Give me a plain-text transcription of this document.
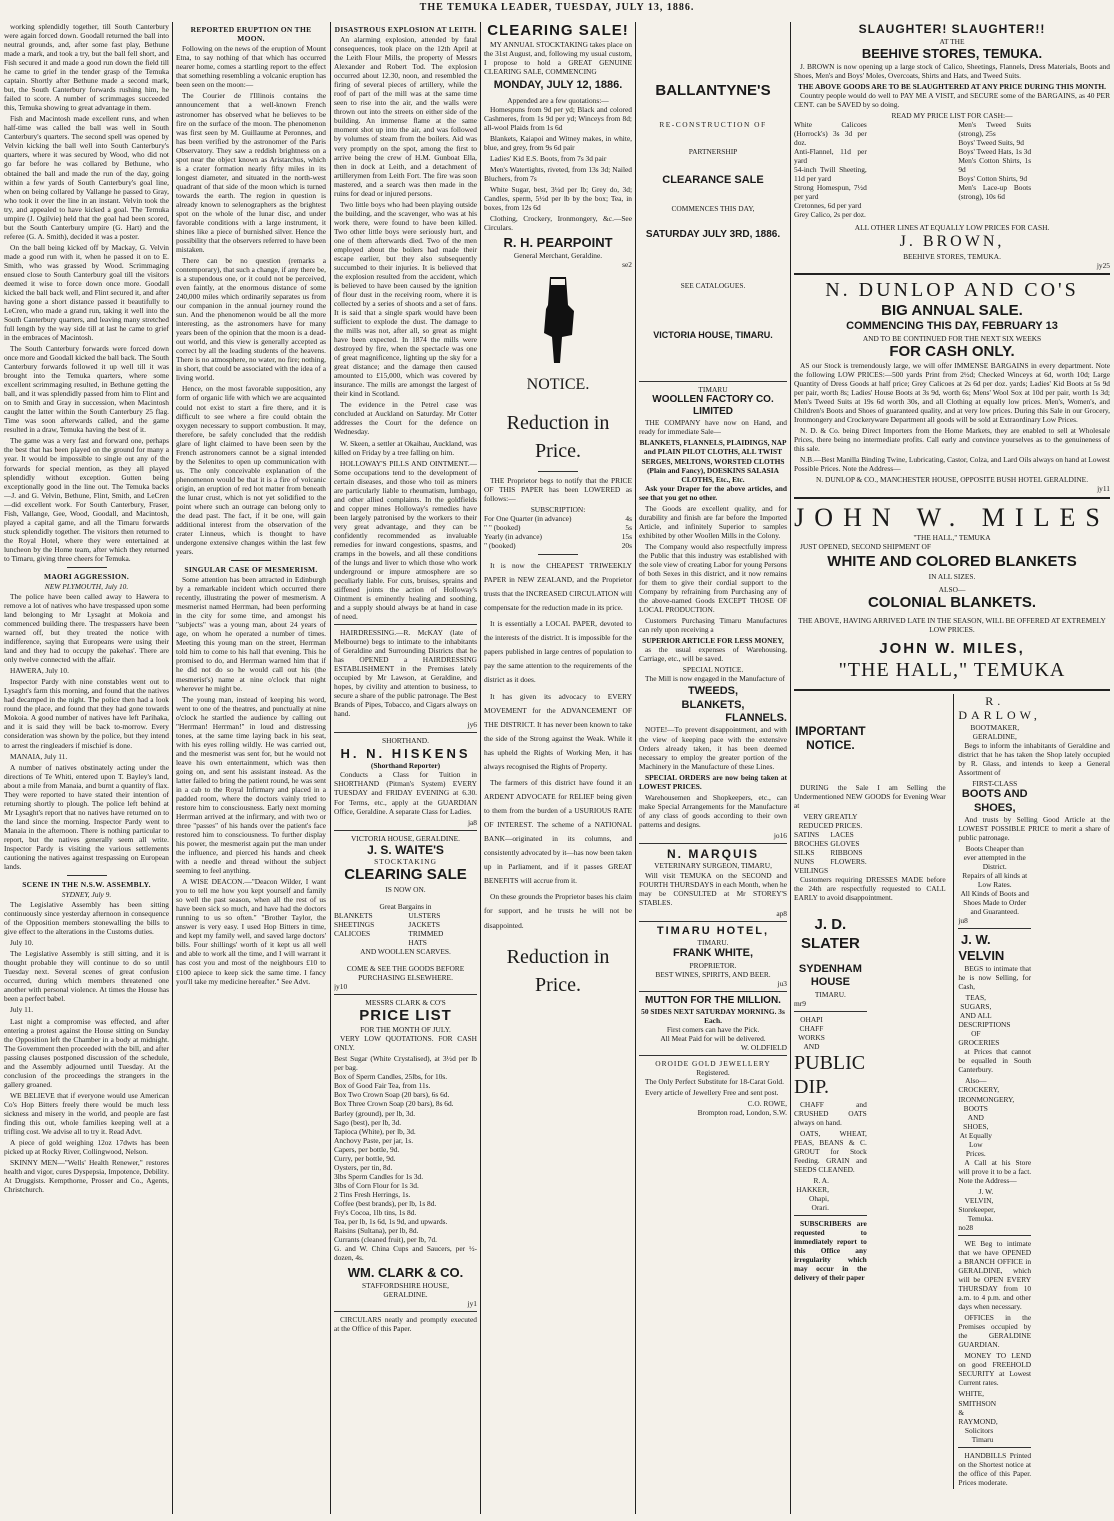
THE TEMUKA LEADER, TUESDAY, JULY 13, 1886.

working splendidly together, till South Canterbury were again forced down. Goodall returned the ball into neutral grounds, and, after some fast play, Bethune made a mark, and took a try, but the ball fell short, and Fish secured it and made a good run down the field till he came to grief in the tender grasp of the Temuka captain. Shortly after Bethune made a second mark, but, the South Canterbury forwards rushing him, he failed to score. A number of scrimmages succeeded this, Temuka showing to great advantage in them.

Fish and Macintosh made excellent runs, and when half-time was called the ball was well in South Canterbury's quarters. The second spell was opened by Velvin kicking the ball well into South Canterbury's quarters, where it was secured by Wood, who did not go far before he was collared by Bethune, who obtained the ball and made the run of the day, going within a few yards of South Canterbury's goal line, when on being collared by Vallange he passed to Gray, who took it over the line in an instant. Velvin took the try, and appealed to have kicked a goal. The Temuka umpire (J. Ogilvie) held that the goal had been scored, but the South Canterbury umpire (G. Hart) and the referee (G. A. Smith), decided it was a poster.

On the ball being kicked off by Mackay, G. Velvin made a good run with it, when he passed it on to E. Smith, who was grassed by Wood. Scrimmaging ensued close to South Canterbury goal till the visitors deemed it wise to force down once more. Goodall kicked the ball back well, and Flint secured it, and after having gone a short distance passed it beautifully to LeCren, who made a grand run, taking it well into the South Canterbury quarters, and leaving many stretched full length by the way side till at last he came to grief in the embraces of Macintosh.

The South Canterbury forwards were forced down once more and Goodall kicked the ball back. The South Canterbury forwards followed it up well till it was brought into the Temuka quarters, where some excellent scrimmaging resulted, in Bethune getting the ball, and it was splendidly passed from him to Flint and on to Smith and Gray in succession, when Macintosh caught the latter within the South Canterbury 25 flag. Time was soon afterwards called, and the game resulted in a draw, Temuka having the best of it.

The game was a very fast and forward one, perhaps the best that has been played on the ground for many a year. It would be impossible to single out any of the forwards for special mention, as they all played splendidly without exception. Gutten being exceptionally good in the line out. The Temuka backs—J. and G. Velvin, Bethune, Flint, Smith, and LeCren—did excellent work. For South Canterbury, Fraser, Fish, Vallange, Gee, Wood, Goodall, and Macintosh, played a capital game, and all the Timaru forwards stuck splendidly together. The visitors then returned to the Royal Hotel, where they were entertained at luncheon by the Home team, after which they returned to Timaru, giving three cheers for Temuka.

MAORI AGGRESSION.
NEW PLYMOUTH, July 10.

The police have been called away to Hawera to remove a lot of natives who have trespassed upon some land belonging to Mr Lysaght at Mokoia and commenced building there. The trespassers have been warned off, but they treated the notice with indifference, saying that Europeans were using their land and they had to occupy the pakehas'. There are only twelve connected with the affair.

HAWERA, July 10.

Inspector Pardy with nine constables went out to Lysaght's farm this morning, and found that the natives had decamped in the night. The police then had a look round the place, and found that they had gone towards Mokoia. A good number of natives have left Parihaka, and it is said they will be back to-morrow. Every consideration was shown by the police, but they intend to arrest the ringleaders if mischief is done.

MANAIA, July 11.

A number of natives obstinately acting under the directions of Te Whiti, entered upon T. Bayley's land, about a mile from Manaia, and burnt a quantity of flax. They were reported to have stated their intention of returning shortly to plough. The police left behind at Mr Lysaght's report that no natives have returned on to the land since the morning. Inspector Pardy went to Manaia in the afternoon. There is nothing particular to report, but the natives generally seem all write. Inspector Pardy is visiting the various settlements cautioning the natives against trespassing on European lands.

SCENE IN THE N.S.W. ASSEMBLY.
SYDNEY, July 9.

The Legislative Assembly has been sitting continuously since yesterday afternoon in consequence of the Opposition members stonewalling the bills to give effect to the alterations in the Customs duties.

July 10.

The Legislative Assembly is still sitting, and it is thought probable they will continue to do so until Tuesday next. Several scenes of great confusion occurred, during which members threatened one another with personal violence. At times the House has been a perfect babel.

July 11.

Last night a compromise was effected, and after entering a protest against the House sitting on Sunday the Opposition left the Chamber in a body at midnight. The Government then proceeded with the bill, and after passing clauses postponed discussion of the schedule, and the Assembly adjourned until Tuesday. At the conclusion of the proceedings the strangers in the gallery groaned.

WE BELIEVE that if everyone would use American Co's Hop Bitters freely there would be much less sickness and misery in the world, and people are fast finding this out, whole families keeping well at a trifling cost. We advise all to try it. Read Advt.

A piece of gold weighing 12oz 17dwts has been picked up at Rocky River, Collingwood, Nelson.

SKINNY MEN—"Wells' Health Renewer," restores health and vigor, cures Dyspepsia, Impotence, Debility. At Druggists. Kempthorne, Prosser and Co., Agents, Christchurch.

REPORTED ERUPTION ON THE MOON.

Following on the news of the eruption of Mount Etna, to say nothing of that which has occurred nearer home, comes a startling report to the effect that something resembling a volcanic eruption has been seen on the moon:—

The Courier de l'Illinois contains the announcement that a well-known French astronomer has observed what he believes to be fire on the surface of the moon. The phenomenon was first seen by M. Guillaume at Peronnes, and has been verified by the astronomer of the Paris Observatory. They saw a reddish brightness on a spot near the object known as Aristarchus, which is a crater formation nearly fifty miles in its longest diameter, and situated in the north-west quadrant of that side of the moon which is turned towards the earth. The region in question is already known to selenographers as the brightest spot on the whole of the lunar disc, and under favorable conditions with a large instrument, it shines like a piece of burnished silver. Hence the possibility that the observers referred to have been mistaken.

There can be no question (remarks a contemporary), that such a change, if any there be, is a stupendous one, or it could not be perceived, even faintly, at the enormous distance of some 240,000 miles which ordinarily separates us from our companion in the annual journey round the sun. And the phenomenon would be all the more interesting, as the astronomers have for many years been of the opinion that the moon is a dead-out world, and this view is generally accepted as correct by all the leading students of the heavens. There is no atmosphere, no water, no fire; nothing, in short, that could be associated with the idea of a living world.

Hence, on the most favorable supposition, any form of organic life with which we are acquainted could not exist to start a fire there, and it is difficult to see where a fire could obtain the oxygen necessary to support combustion. It may, therefore, be safely concluded that the reddish glare of light claimed to have been seen by the French astronomers cannot be a signal intended by the Selenites to open up communication with us. The only conceivable explanation of the phenomenon would be that it is a fire of volcanic origin, an eruption of red hot matter from beneath the lunar crust, which is not yet solidified to the point where such an outrage can belong only to the dead past. The fact, if it be one, will gain additional interest from the observation of the crater Linneus, which is thought to have undergone extensive changes within the last few years.

SINGULAR CASE OF MESMERISM.

Some attention has been attracted in Edinburgh by a remarkable incident which occurred there recently, illustrating the power of mesmerism. A mesmerist named Herrman, had been performing in the city for some time, and amongst his "subjects" was a young man, about 24 years of age, on whom he operated a number of times. Meeting this young man on the street, Herrman told him to come to his hall that evening. This he promised to do, and Herrman warned him that if he did not do so he would call out his (the mesmerist's) name at nine o'clock that night wherever he might be.

The young man, instead of keeping his word, went to one of the theatres, and punctually at nine o'clock he startled the audience by calling out "Herrman! Herrman!" in loud and distressing tones, at the same time laying back in his seat, with his eyes rolling wildly. He was carried out, and the mesmerist was sent for, but he would not leave his own entertainment, which was then going on, and sent his assistant instead. As the latter failed to bring the patient round, he was sent in a cab to the Royal Infirmary and placed in a padded room, where the doctors vainly tried to restore him to consciousness. Early next morning Herrman arrived at the infirmary, and with two or three "passes" of his hands over the patient's face restored him to consciousness. To further display his power, the mesmerist again put the man under the influence, and pierced his hands and cheek with a needle and thread without the subject seeming to feel anything.

A WISE DEACON.—"Deacon Wilder, I want you to tell me how you kept yourself and family so well the past season, when all the rest of us have been sick so much, and have had the doctors running to us so often." "Brother Taylor, the answer is very easy. I used Hop Bitters in time, and kept my family well, and saved large doctors' bills. Four shillings' worth of it kept us all well and able to work all the time, and I will warrant it has cost you and most of the neighbours £10 to £100 apiece to keep sick the same time. I fancy you'll take my medicine hereafter." See Advt.

DISASTROUS EXPLOSION AT LEITH.

An alarming explosion, attended by fatal consequences, took place on the 12th April at the Leith Flour Mills, the property of Messrs Alexander and Robert Tod. The explosion occurred about 12.30, noon, and resembled the firing of several pieces of artillery, while the roof of part of the mill was at the same time seen to rise into the air, and the walls were thrown out into the streets on either side of the building. An immense flame at the same moment shot up into the air, and was followed by volumes of steam from the boilers. Aid was very promptly on the spot, among the first to arrive being the crew of H.M. Gunboat Ella, then in dock at Leith, and a detachment of artillerymen from Leith Fort. The fire was soon mastered, and a search was then made in the ruins for dead or injured persons.

Two little boys who had been playing outside the building, and the scavenger, who was at his work there, were found to have been killed. Two other little boys were seriously hurt, and one of them afterwards died. Two of the men employed about the boilers had made their escape earlier, but they also subsequently succumbed to their injuries. It is believed that the explosion resulted from the accident, which is believed to have been caused by the ignition of flour dust in the receiving room, where it is collected by a series of shoots and a set of fans. It is said that a single spark would have been sufficient to explode the dust. The damage to the mills was not, after all, so great as might have been expected. In 1874 the mills were destroyed by fire, when the spectacle was one of great magnificence, lighting up the sky for a great distance; and the damage then caused amounted to £15,000, which was covered by insurance. The mills are amongst the largest of their kind in Scotland.

The evidence in the Petrel case was concluded at Auckland on Saturday. Mr Cotter addresses the Court for the defence on Wednesday.

W. Skeen, a settler at Okaihau, Auckland, was killed on Friday by a tree falling on him.

HOLLOWAY'S PILLS AND OINTMENT.—Some occupations tend to the development of certain diseases, and those who toil as miners are particularly liable to rheumatism, lumbago, and other allied complaints. In the goldfields and copper mines Holloway's remedies have been largely patronised by the workers to their very great advantage, and they can be confidently recommended as invaluable remedies for inward congestions, spasms, and cramps in the bowels, and all these conditions of the lungs and liver to which those who work underground or impure atmosphere are so peculiarly liable. For cuts, bruises, sprains and stiffened joints the action of Holloway's Ointment is eminently healing and soothing, and a supply should always be at hand in case of need.

HAIRDRESSING.—R. McKAY (late of Melbourne) begs to intimate to the inhabitants of Geraldine and Surrounding Districts that he has OPENED a HAIRDRESSING ESTABLISHMENT in the Premises lately occupied by Mr Lawson, at Geraldine, and hopes, by civility and attention to business, to secure a share of the public patronage. The Best Brands of Pipes, Tobacco, and Cigars always on hand.

jy6
SHORTHAND.
H. N. HISKENS
(Shorthand Reporter)

Conducts a Class for Tuition in SHORTHAND (Pitman's System) EVERY TUESDAY and FRIDAY EVENING at 6.30. For Terms, etc., apply at the GUARDIAN Office, Geraldine. A separate Class for Ladies.

ja8
VICTORIA HOUSE, GERALDINE.
J. S. WAITE'S
STOCKTAKING
CLEARING SALE
IS NOW ON.
Great Bargains in
BLANKETS
SHEETINGS
CALICOES
ULSTERS
JACKETS
TRIMMED HATS
AND WOOLLEN SCARVES.
COME & SEE THE GOODS BEFORE PURCHASING ELSEWHERE.
jy10
MESSRS CLARK & CO'S
PRICE LIST
FOR THE MONTH OF JULY.

VERY LOW QUOTATIONS. FOR CASH ONLY.

Best Sugar (White Crystalised), at 3½d per lb per bag.
Box of Sperm Candles, 25lbs, for 10s.
Box of Good Fair Tea, from 11s.
Box Two Crown Soap (20 bars), 6s 6d.
Box Three Crown Soap (20 bars), 8s 6d.
Barley (ground), per lb, 3d.
Sago (best), per lb, 3d.
Tapioca (White), per lb, 3d.
Anchovy Paste, per jar, 1s.
Capers, per bottle, 9d.
Curry, per bottle, 9d.
Oysters, per tin, 8d.
3lbs Sperm Candles for 1s 3d.
3lbs of Corn Flour for 1s 3d.
2 Tins Fresh Herrings, 1s.
Coffee (best brands), per lb, 1s 8d.
Fry's Cocoa, 1lb tins, 1s 8d.
Tea, per lb, 1s 6d, 1s 9d, and upwards.
Raisins (Sultana), per lb, 8d.
Currants (cleaned fruit), per lb, 7d.
G. and W. China Cups and Saucers, per ½-dozen, 4s.
WM. CLARK & CO.
STAFFORDSHIRE HOUSE,
GERALDINE.
jy1

CIRCULARS neatly and promptly executed at the Office of this Paper.

CLEARING SALE!

MY ANNUAL STOCKTAKING takes place on the 31st August, and, following my usual custom, I propose to hold a GREAT GENUINE CLEARING SALE, COMMENCING

MONDAY, JULY 12, 1886.
Appended are a few quotations:—

Homespuns from 9d per yd; Black and colored Cashmeres, from 1s 9d per yd; Winceys from 8d; all-wool Plaids from 1s 6d

Blankets, Kaiapoi and Witney makes, in white, blue, and grey, from 9s 6d pair

Ladies' Kid E.S. Boots, from 7s 3d pair

Men's Watertights, riveted, from 13s 3d; Nailed Bluchers, from 7s

White Sugar, best, 3¼d per lb; Grey do, 3d; Candles, sperm, 5½d per lb by the box; Tea, in boxes, from 12s 6d

Clothing, Crockery, Ironmongery, &c.—See Circulars.

R. H. PEARPOINT
General Merchant, Geraldine.
se2
NOTICE.
Reduction in Price.

THE Proprietor begs to notify that the PRICE OF THIS PAPER has been LOWERED as follows:—

SUBSCRIPTION:
For One Quarter (in advance)	4s
" " (booked)	5s
Yearly (in advance)	15s
" (booked)	20s

It is now the CHEAPEST TRIWEEKLY PAPER in NEW ZEALAND, and the Proprietor trusts that the INCREASED CIRCULATION will compensate for the reduction made in its price.

It is essentially a LOCAL PAPER, devoted to the interests of the district. It is impossible for the papers published in large centres of population to pay the same attention to the requirements of the district as it does.

It has given its advocacy to EVERY MOVEMENT for the ADVANCEMENT OF THE DISTRICT. It has never been known to take the side of the Strong against the Weak. While it has upheld the Rights of Working Men, it has always recognised the Rights of Property.

The farmers of this district have found it an ARDENT ADVOCATE for RELIEF being given to them from the burden of a USURIOUS RATE OF INTEREST. The scheme of a NATIONAL BANK—originated in its columns, and consistently advocated by it—has now been taken up in Parliament, and if it passes GREAT BENEFITS will accrue from it.

On these grounds the Proprietor bases his claim for support, and he trusts he will not be disappointed.

Reduction in Price.
BALLANTYNE'S
RE-CONSTRUCTION OF
PARTNERSHIP
CLEARANCE SALE
COMMENCES THIS DAY,
SATURDAY JULY 3RD, 1886.
SEE CATALOGUES.
VICTORIA HOUSE, TIMARU.
TIMARU
WOOLLEN FACTORY CO. LIMITED

THE COMPANY have now on Hand, and ready for immediate Sale—

BLANKETS, FLANNELS, PLAIDINGS, NAP and PLAIN PILOT CLOTHS, ALL TWIST SERGES, MELTONS, WORSTED CLOTHS (Plain and Fancy), DOESKINS SALASIA CLOTHS, Etc., Etc.

Ask your Draper for the above articles, and see that you get no other.

The Goods are excellent quality, and for durability and finish are far before the Imported Article, and infinitely Superior to samples exhibited by other Woollen Mills in the Colony.

The Company would also respectfully impress the Public that this industry was established with the sole view of creating Labor for young Persons of both Sexes in this district, and it now remains for them to give their cordial support to the Company by refraining from Purchasing any of the above-named Goods EXCEPT THOSE OF LOCAL PRODUCTION.

Customers Purchasing Timaru Manufactures can rely upon receiving a

SUPERIOR ARTICLE FOR LESS MONEY,

as the usual expenses of Warehousing, Carriage, etc., will be saved.

SPECIAL NOTICE.

The Mill is now engaged in the Manufacture of

TWEEDS,
BLANKETS,
FLANNELS.

NOTE!—To prevent disappointment, and with the view of keeping pace with the extensive Orders already taken, it has been deemed necessary to employ the greater portion of the Machinery in the Manufacture of these Lines.

SPECIAL ORDERS are now being taken at LOWEST PRICES.

Warehousemen and Shopkeepers, etc., can make Special Arrangements for the Manufacture of any class of goods according to their own patterns and designs.

jo16
N. MARQUIS
VETERINARY SURGEON, TIMARU,

Will visit TEMUKA on the SECOND and FOURTH THURSDAYS in each Month, when he may be CONSULTED at Mr STOREY'S STABLES.

ap8
TIMARU HOTEL,
TIMARU.
FRANK WHITE,
PROPRIETOR.
BEST WINES, SPIRITS, AND BEER.
ju3
MUTTON FOR THE MILLION.
50 SIDES NEXT SATURDAY MORNING. 3s Each.
First comers can have the Pick.
All Meat Paid for will be delivered.
W. OLDFIELD
OROIDE GOLD JEWELLERY
Registered.

The Only Perfect Substitute for 18-Carat Gold.

Every article of Jewellery Free and sent post.

C.O. ROWE,
Brompton road, London, S.W.
SLAUGHTER! SLAUGHTER!!
AT THE
BEEHIVE STORES, TEMUKA.

J. BROWN is now opening up a large stock of Calico, Sheetings, Flannels, Dress Materials, Boots and Shoes, Men's and Boys' Moles, Overcoats, Shirts and Hats, and Tweed Suits.

THE ABOVE GOODS ARE TO BE SLAUGHTERED AT ANY PRICE DURING THIS MONTH.

Country people would do well to PAY ME A VISIT, and SECURE some of the BARGAINS, as 40 PER CENT. can be SAVED by so doing.

READ MY PRICE LIST FOR CASH:—
White Calicoes (Horrock's) 3s 3d per doz.
Anti-Flannel, 11d per yard
54-inch Twill Sheeting, 11d per yard
Strong Homespun, 7½d per yard
Cretonnes, 6d per yard
Grey Calico, 2s per doz.
Men's Tweed Suits (strong), 25s
Boys' Tweed Suits, 9d
Boys' Tweed Hats, 1s 3d
Men's Cotton Shirts, 1s 9d
Boys' Cotton Shirts, 9d
Men's Lace-up Boots (strong), 10s 6d
ALL OTHER LINES AT EQUALLY LOW PRICES FOR CASH.
J. BROWN,
BEEHIVE STORES, TEMUKA.
jy25
N. DUNLOP AND CO'S
BIG ANNUAL SALE.
COMMENCING THIS DAY, FEBRUARY 13
AND TO BE CONTINUED FOR THE NEXT SIX WEEKS
FOR CASH ONLY.

AS our Stock is tremendously large, we will offer IMMENSE BARGAINS in every department. Note the following LOW PRICES:—500 yards Print from 2½d; Checked Winceys at 6d, worth 10d; Large Quantity of Dress Goods at half price; Grey Calicoes at 2s 6d per doz. yards; Ladies' Kid Boots at 5s 9d per pair, worth 8s; Ladies' House Boots at 3s 9d, worth 6s; Mens' Wool Sox at 10d per pair, worth 1s 3d; Men's Tweed Suits at 19s 6d worth 30s, and all Clothing at equally low prices. Men's, Women's, and Children's Boots and Shoes of guaranteed quality, and at very low prices. During this Sale in our Grocery, Ironmongery and Crockeryware Department all goods will be sold at Extraordinary Low Prices.

N. D. & Co. being Direct Importers from the Home Markets, they are enabled to sell at Wholesale Prices, there being no intermediate profits. Call early and convince yourselves as to the genuineness of this sale.

N.B.—Best Manilla Binding Twine, Lubricating, Castor, Colza, and Lard Oils always on hand at Lowest Possible Prices. Note the Address—

N. DUNLOP & CO., MANCHESTER HOUSE, OPPOSITE BUSH HOTEL GERALDINE.
jy11
JOHN W. MILES
"THE HALL," TEMUKA

JUST OPENED, SECOND SHIPMENT OF

WHITE AND COLORED BLANKETS
IN ALL SIZES.
ALSO—
COLONIAL BLANKETS.
THE ABOVE, HAVING ARRIVED LATE IN THE SEASON, WILL BE OFFERED AT EXTREMELY LOW PRICES.
JOHN W. MILES,
"THE HALL," TEMUKA
IMPORTANT NOTICE.

DURING the Sale I am Selling the Undermentioned NEW GOODS for Evening Wear at

VERY GREATLY REDUCED PRICES.
SATINS LACES
BROCHES GLOVES
SILKS RIBBONS
NUNS VEILINGS
FLOWERS.

Customers requiring DRESSES MADE before the 24th are respectfully requested to CALL EARLY to avoid disappointment.

J. D. SLATER
SYDENHAM HOUSE
TIMARU.
mr9
OHAPI CHAFF WORKS
AND
PUBLIC DIP.

CHAFF and CRUSHED OATS always on hand.

OATS, WHEAT, PEAS, BEANS & C. GROUT for Stock Feeding. GRAIN and SEEDS CLEANED.

R. A. HAKKER,
Ohapi, Orari.

SUBSCRIBERS are requested to immediately report to this Office any irregularity which may occur in the delivery of their paper

R. DARLOW,
BOOTMAKER,
GERALDINE,

Begs to inform the inhabitants of Geraldine and district that he has taken the Shop lately occupied by R. Glass, and intends to keep a General Assortment of

FIRST-CLASS
BOOTS AND SHOES,

And trusts by Selling Good Article at the LOWEST POSSIBLE PRICE to merit a share of public patronage.

Boots Cheaper than ever attempted in the District.
Repairs of all kinds at Low Rates.
All Kinds of Boots and Shoes Made to Order and Guaranteed.
ju8
J. W. VELVIN

BEGS to intimate that he is now Selling, for Cash,

TEAS, SUGARS, AND ALL DESCRIPTIONS OF GROCERIES

at Prices that cannot be equalled in South Canterbury.

Also—
CROCKERY, IRONMONGERY, BOOTS AND SHOES,
At Equally Low Prices.

A Call at his Store will prove it to be a fact. Note the Address—

J. W. VELVIN,
Storekeeper, Temuka.
no28

WE Beg to intimate that we have OPENED a BRANCH OFFICE in GERALDINE, which will be OPEN EVERY THURSDAY from 10 a.m. to 4 p.m. and other days when necessary.

OFFICES in the Premises occupied by the GERALDINE GUARDIAN.

MONEY TO LEND on good FREEHOLD SECURITY at Lowest Current rates.

WHITE, SMITHSON & RAYMOND,
Solicitors Timaru

HANDBILLS Printed on the Shortest notice at the office of this Paper. Prices moderate.
